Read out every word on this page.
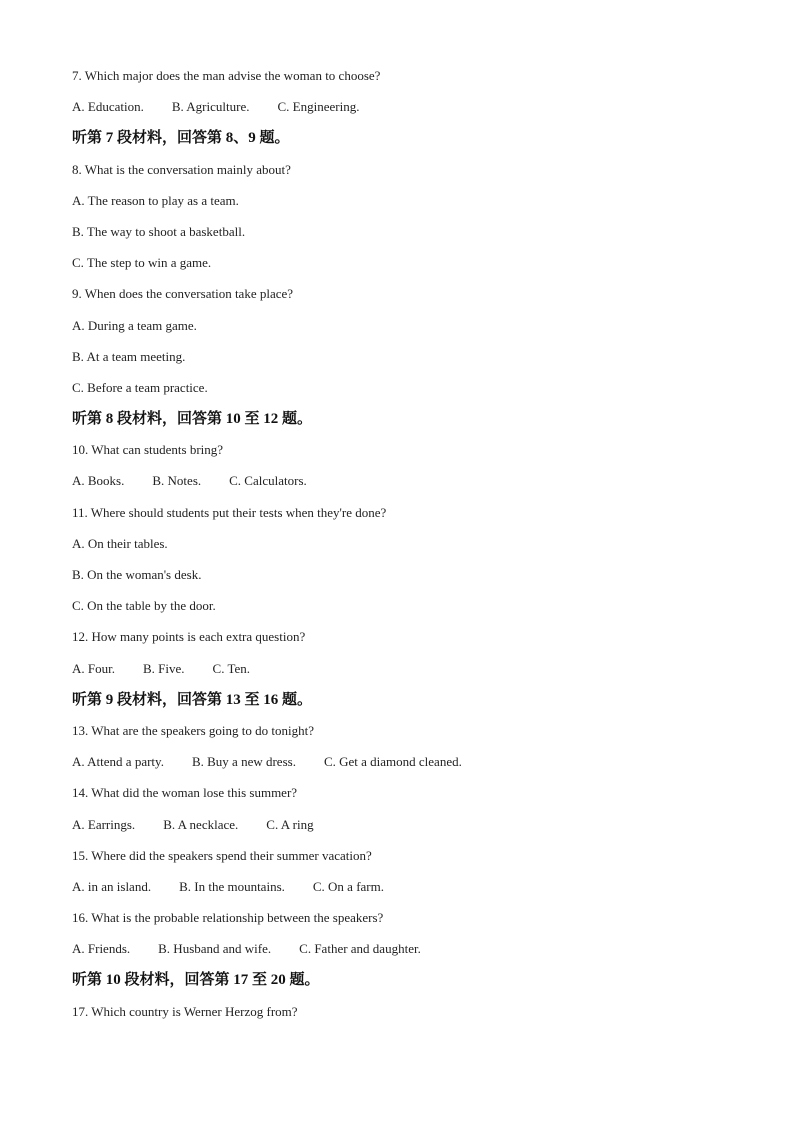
7. Which major does the man advise the woman to choose?
A. Education. B. Agriculture. C. Engineering.
听第 7 段材料，回答第 8、9 题。
8. What is the conversation mainly about?
A. The reason to play as a team.
B. The way to shoot a basketball.
C. The step to win a game.
9. When does the conversation take place?
A. During a team game.
B. At a team meeting.
C. Before a team practice.
听第 8 段材料，回答第 10 至 12 题。
10. What can students bring?
A. Books. B. Notes. C. Calculators.
11. Where should students put their tests when they're done?
A. On their tables.
B. On the woman's desk.
C. On the table by the door.
12. How many points is each extra question?
A. Four. B. Five. C. Ten.
听第 9 段材料，回答第 13 至 16 题。
13. What are the speakers going to do tonight?
A. Attend a party. B. Buy a new dress. C. Get a diamond cleaned.
14. What did the woman lose this summer?
A. Earrings. B. A necklace. C. A ring
15. Where did the speakers spend their summer vacation?
A. in an island. B. In the mountains. C. On a farm.
16. What is the probable relationship between the speakers?
A. Friends. B. Husband and wife. C. Father and daughter.
听第 10 段材料，回答第 17 至 20 题。
17. Which country is Werner Herzog from?
